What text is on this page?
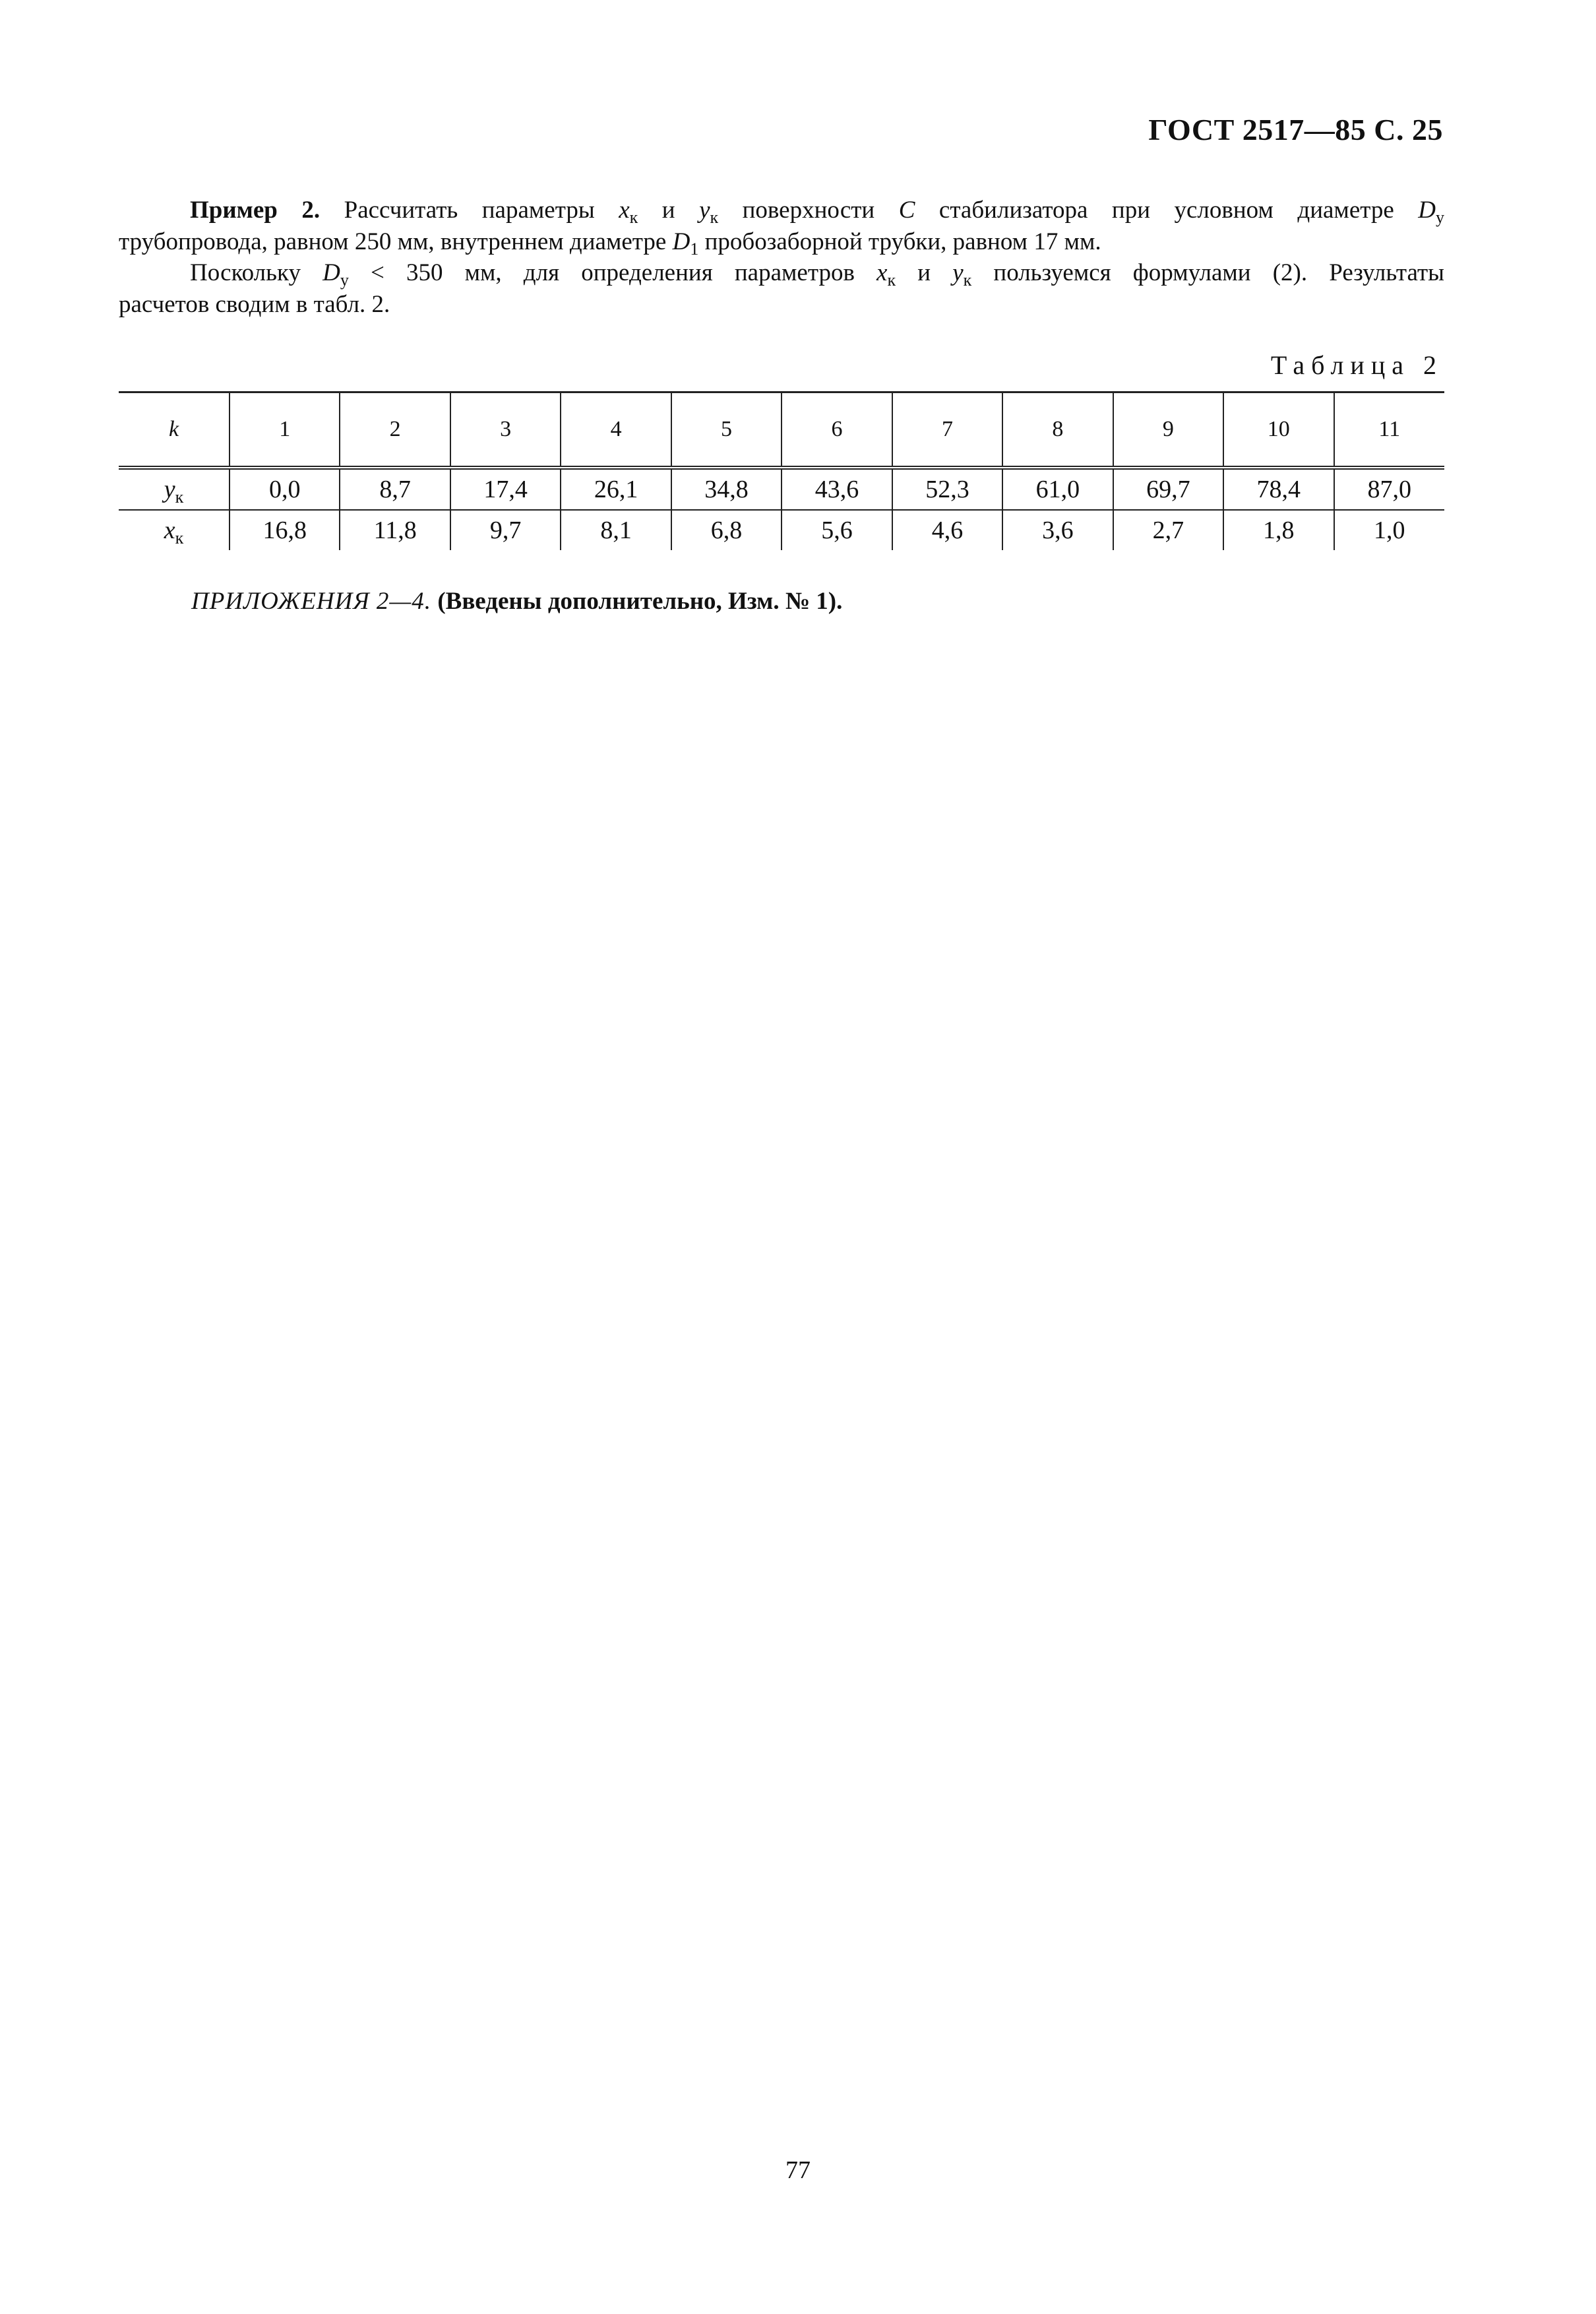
ГОСТ 2517—85 С. 25
Пример 2. Рассчитать параметры $x_к$ и $y_к$ поверхности С стабилизатора при условном диаметре $D_у$
трубопровода, равном 250 мм, внутреннем диаметре $D_1$ пробозаборной трубки, равном 17 мм.
Поскольку $D_у < 350$ мм, для определения параметров $x_к$ и $y_к$ пользуемся формулами (2). Результаты
расчетов сводим в табл. 2.
Таблица 2
k	1	2	3	4	5	6	7	8	9	10	11
$y_к$	0,0	8,7	17,4	26,1	34,8	43,6	52,3	61,0	69,7	78,4	87,0
$x_к$	16,8	11,8	9,7	8,1	6,8	5,6	4,6	3,6	2,7	1,8	1,0
ПРИЛОЖЕНИЯ 2—4. (Введены дополнительно, Изм. № 1).
77
